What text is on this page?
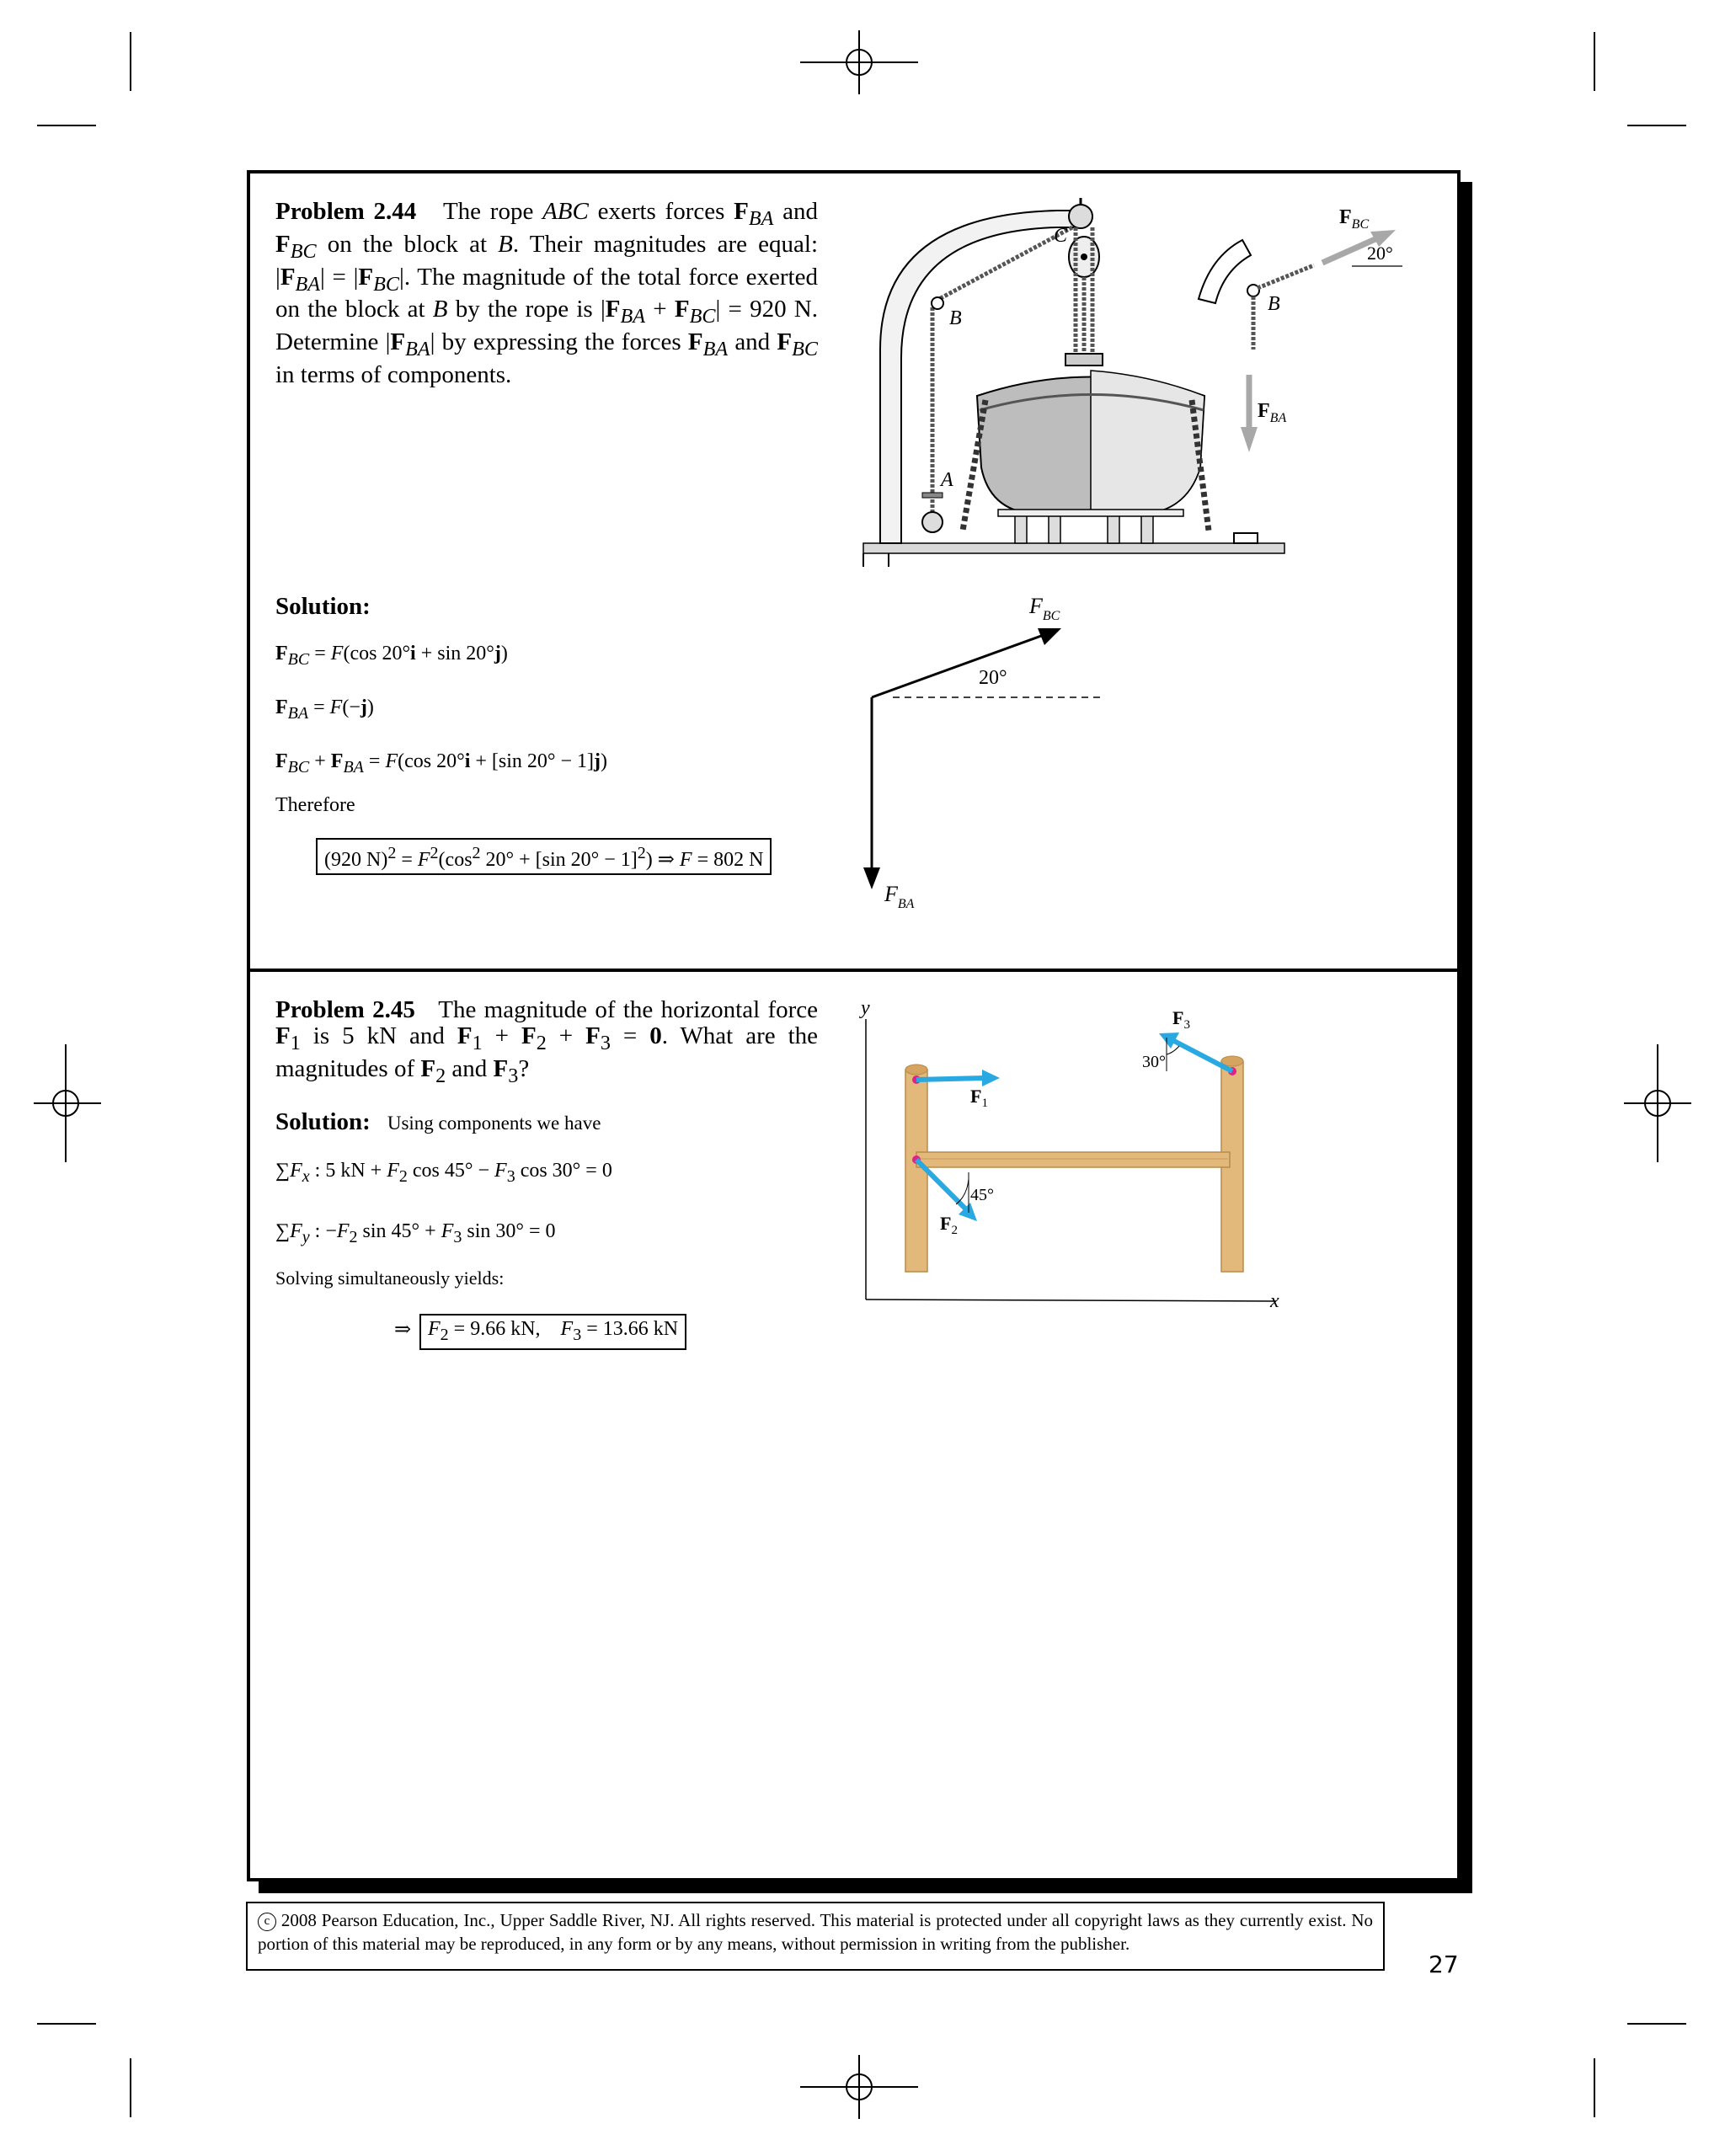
Problem 2.44 The rope ABC exerts forces $F_{BA}$ and $F_{BC}$ on the block at B. Their magnitudes are equal: $|F_{BA}| = |F_{BC}|$. The magnitude of the total force exerted on the block at B by the rope is $|F_{BA} + F_{BC}| = 920$ N. Determine $|F_{BA}|$ by expressing the forces $F_{BA}$ and $F_{BC}$ in terms of components.
C
B
A
B
20°
$F_{BC}$
$F_{BA}$
Solution:
$F_{BC} = F(\cos$ 20°i + sin 20°j)
$F_{BA} = F(-j)$
$F_{BC} + F_{BA} = F(\cos$ 20°i + [sin 20° − 1]j)
Therefore
(920 $N)^2 = F^2(\cos^2$ 20° + [sin 20° − 1]$^2$) ⇒ F = 802 N
20°
$F_{BC}$
$F_{BA}$
Problem 2.45 The magnitude of the horizontal force $F_1$ is 5 kN and $F_1 + F_2 + F_3 = 0$. What are the magnitudes of $F_2$ and $F_3$?
Solution: Using components we have
$\sum F_x$ : 5 kN + $F_2$ $\cos 45^\circ - F_3$ cos 30° = 0
$\sum F_y$ : $-F_2$ $\sin 45^\circ + F_3$ sin 30° = 0
Solving simultaneously yields:
⇒ $F_2 = 9.66$ kN,    $F_3 = 13.66$ kN
y
x
$F_1$
45°
$F_2$
30°
$F_3$
c 2008 Pearson Education, Inc., Upper Saddle River, NJ. All rights reserved. This material is protected under all copyright laws as they currently exist. No portion of this material may be reproduced, in any form or by any means, without permission in writing from the publisher.
27
